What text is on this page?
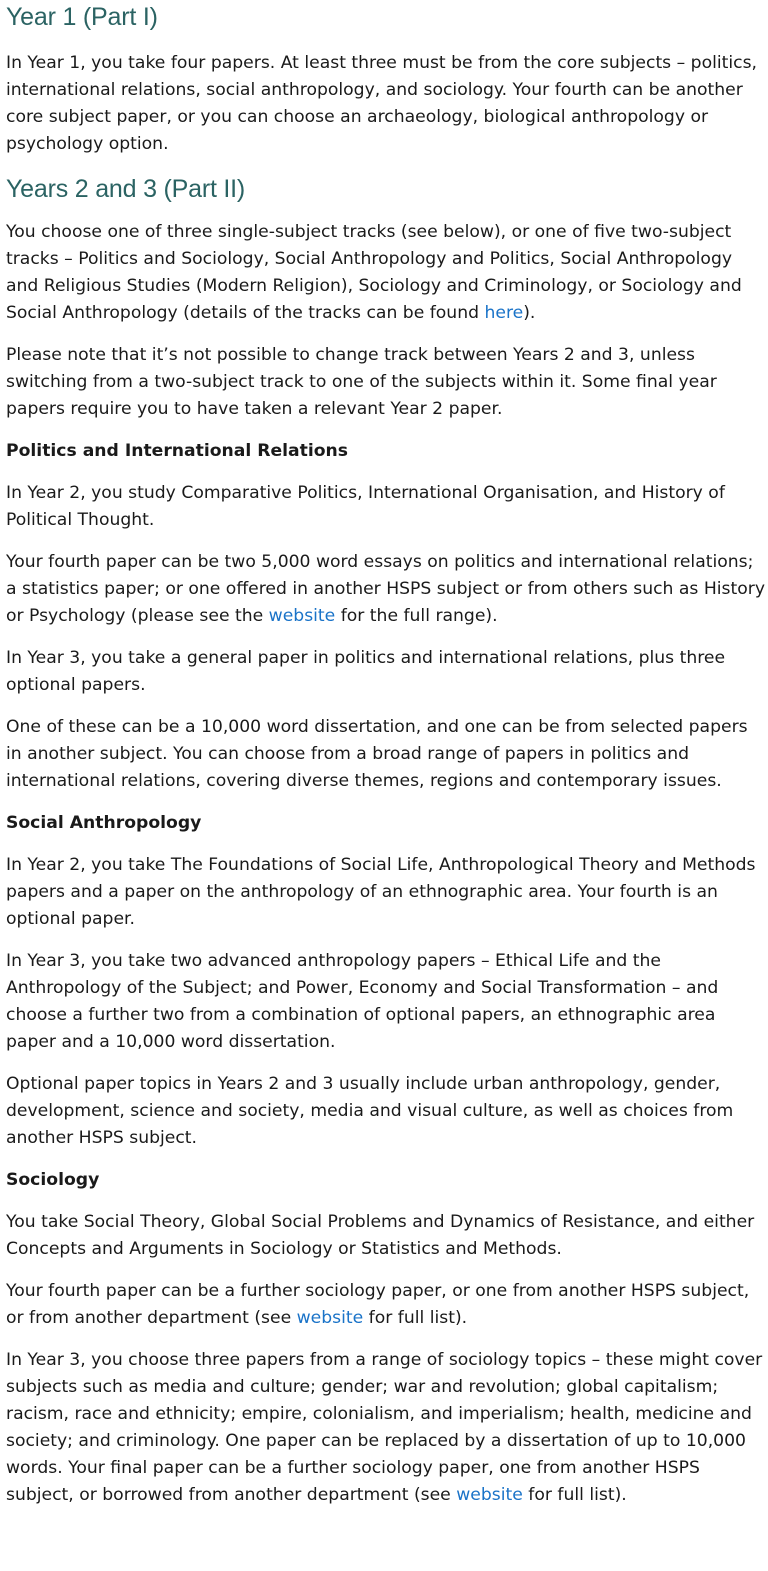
Year 1 (Part I)

In Year 1, you take four papers. At least three must be from the core subjects – politics, international relations, social anthropology, and sociology. Your fourth can be another core subject paper, or you can choose an archaeology, biological anthropology or psychology option.

Years 2 and 3 (Part II)

You choose one of three single-subject tracks (see below), or one of five two-subject tracks – Politics and Sociology, Social Anthropology and Politics, Social Anthropology and Religious Studies (Modern Religion), Sociology and Criminology, or Sociology and Social Anthropology (details of the tracks can be found here).

Please note that it’s not possible to change track between Years 2 and 3, unless switching from a two-subject track to one of the subjects within it. Some final year papers require you to have taken a relevant Year 2 paper.

Politics and International Relations

In Year 2, you study Comparative Politics, International Organisation, and History of Political Thought.

Your fourth paper can be two 5,000 word essays on politics and international relations; a statistics paper; or one offered in another HSPS subject or from others such as History or Psychology (please see the website for the full range).

In Year 3, you take a general paper in politics and international relations, plus three optional papers.

One of these can be a 10,000 word dissertation, and one can be from selected papers in another subject. You can choose from a broad range of papers in politics and international relations, covering diverse themes, regions and contemporary issues.

Social Anthropology

In Year 2, you take The Foundations of Social Life, Anthropological Theory and Methods papers and a paper on the anthropology of an ethnographic area. Your fourth is an optional paper.

In Year 3, you take two advanced anthropology papers – Ethical Life and the Anthropology of the Subject; and Power, Economy and Social Transformation – and choose a further two from a combination of optional papers, an ethnographic area paper and a 10,000 word dissertation.

Optional paper topics in Years 2 and 3 usually include urban anthropology, gender, development, science and society, media and visual culture, as well as choices from another HSPS subject.

Sociology

You take Social Theory, Global Social Problems and Dynamics of Resistance, and either Concepts and Arguments in Sociology or Statistics and Methods.

Your fourth paper can be a further sociology paper, or one from another HSPS subject, or from another department (see website for full list).

In Year 3, you choose three papers from a range of sociology topics – these might cover subjects such as media and culture; gender; war and revolution; global capitalism; racism, race and ethnicity; empire, colonialism, and imperialism; health, medicine and society; and criminology. One paper can be replaced by a dissertation of up to 10,000 words. Your final paper can be a further sociology paper, one from another HSPS subject, or borrowed from another department (see website for full list).
